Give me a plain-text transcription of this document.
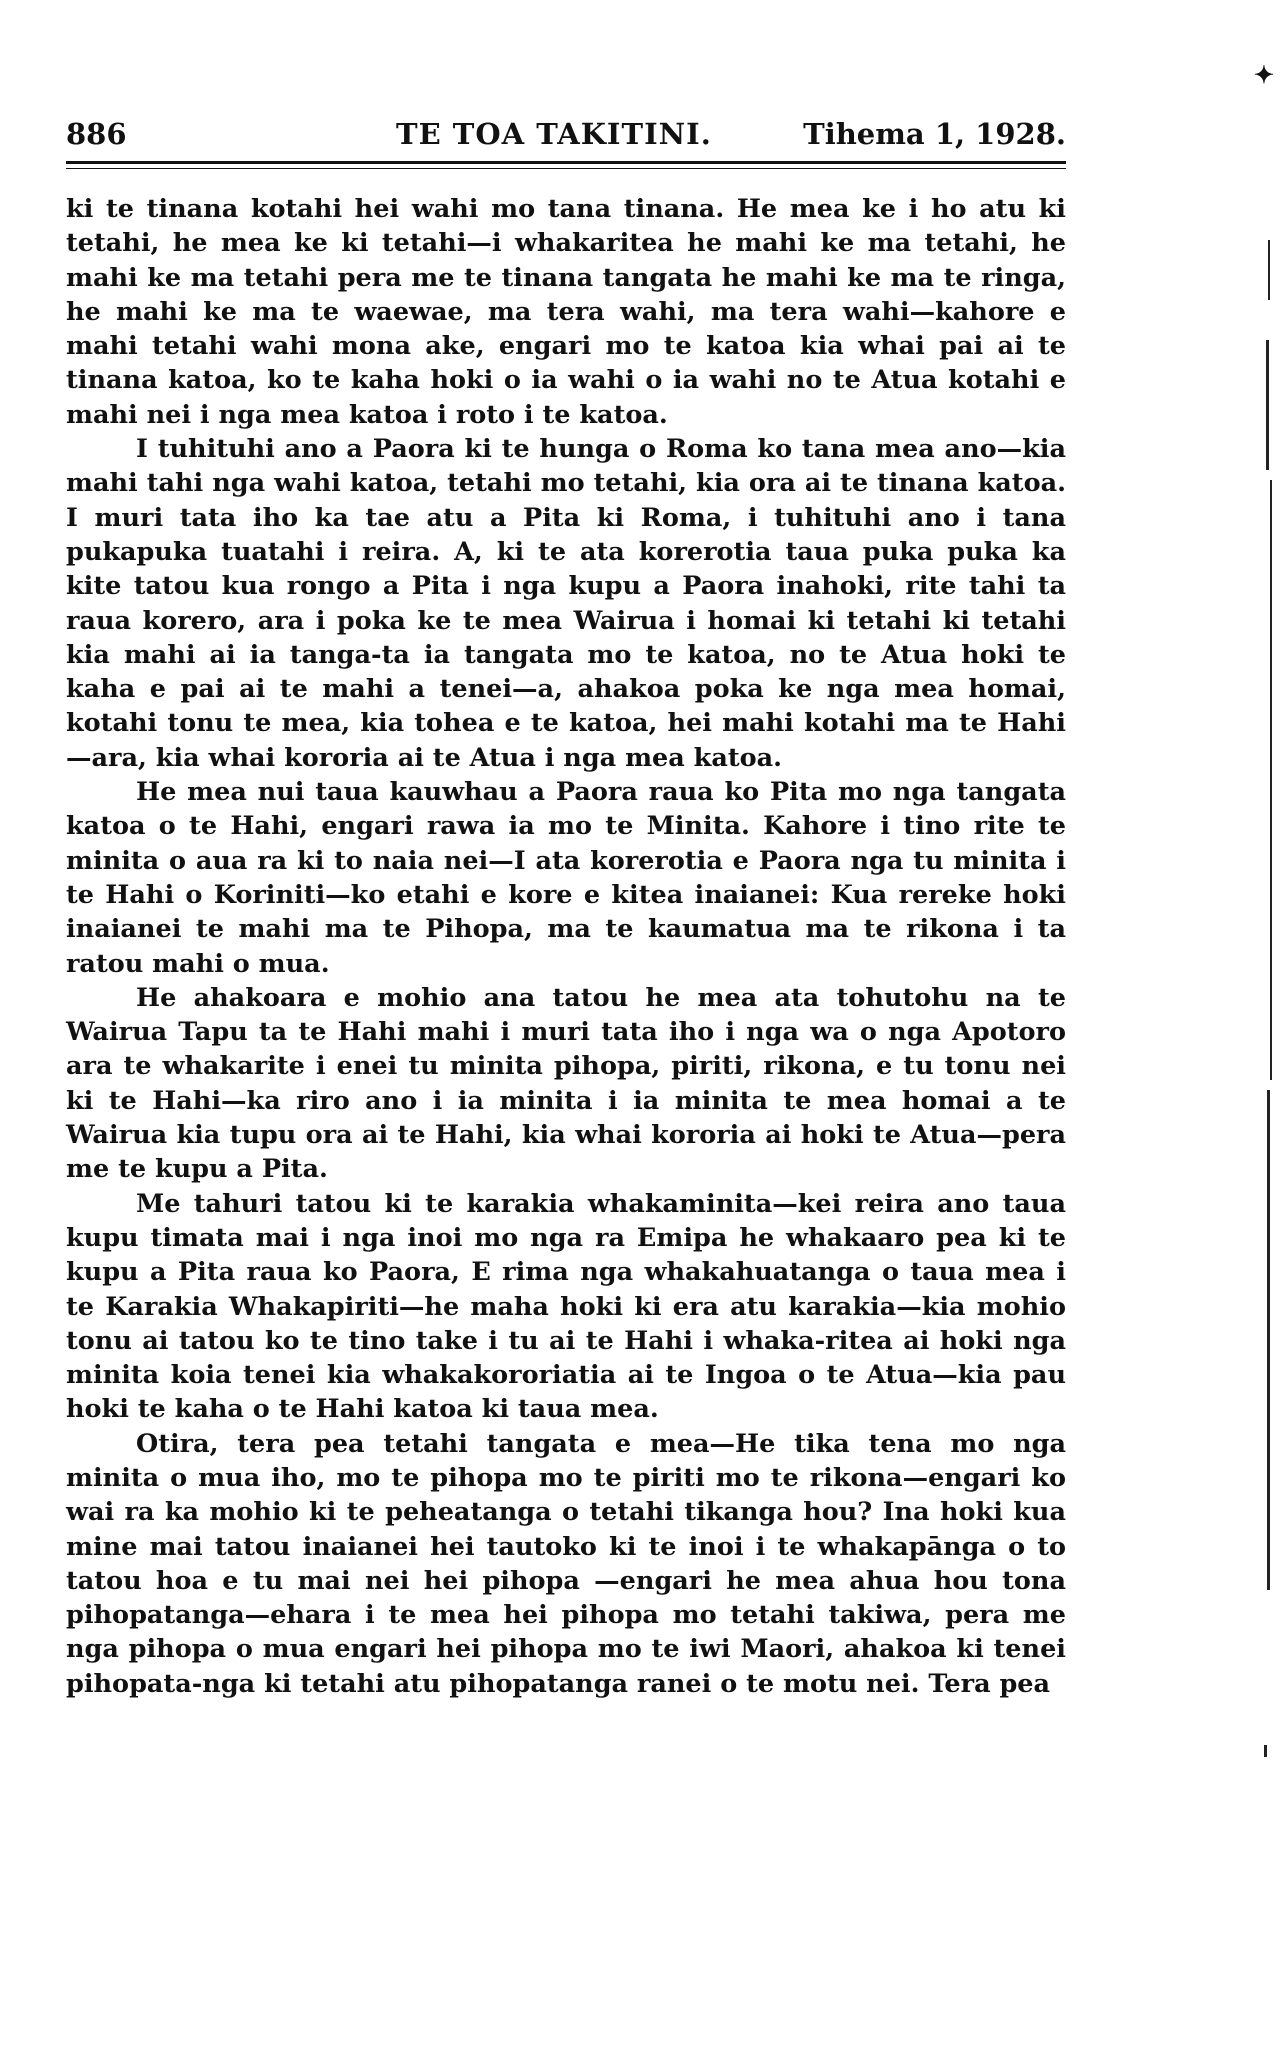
✦
886	TE TOA TAKITINI.	Tihema 1, 1928.

ki te tinana kotahi hei wahi mo tana tinana. He mea ke i ho atu ki tetahi, he mea ke ki tetahi—i whakaritea he mahi ke ma tetahi, he mahi ke ma tetahi pera me te tinana tangata he mahi ke ma te ringa, he mahi ke ma te waewae, ma tera wahi, ma tera wahi—kahore e mahi tetahi wahi mona ake, engari mo te katoa kia whai pai ai te tinana katoa, ko te kaha hoki o ia wahi o ia wahi no te Atua kotahi e mahi nei i nga mea katoa i roto i te katoa.

I tuhituhi ano a Paora ki te hunga o Roma ko tana mea ano—kia mahi tahi nga wahi katoa, tetahi mo tetahi, kia ora ai te tinana katoa. I muri tata iho ka tae atu a Pita ki Roma, i tuhituhi ano i tana pukapuka tuatahi i reira. A, ki te ata korerotia taua puka puka ka kite tatou kua rongo a Pita i nga kupu a Paora inahoki, rite tahi ta raua korero, ara i poka ke te mea Wairua i homai ki tetahi ki tetahi kia mahi ai ia tanga-ta ia tangata mo te katoa, no te Atua hoki te kaha e pai ai te mahi a tenei—a, ahakoa poka ke nga mea homai, kotahi tonu te mea, kia tohea e te katoa, hei mahi kotahi ma te Hahi—ara, kia whai kororia ai te Atua i nga mea katoa.

He mea nui taua kauwhau a Paora raua ko Pita mo nga tangata katoa o te Hahi, engari rawa ia mo te Minita. Kahore i tino rite te minita o aua ra ki to naia nei—I ata korerotia e Paora nga tu minita i te Hahi o Koriniti—ko etahi e kore e kitea inaianei: Kua rereke hoki inaianei te mahi ma te Pihopa, ma te kaumatua ma te rikona i ta ratou mahi o mua.

He ahakoara e mohio ana tatou he mea ata tohutohu na te Wairua Tapu ta te Hahi mahi i muri tata iho i nga wa o nga Apotoro ara te whakarite i enei tu minita pihopa, piriti, rikona, e tu tonu nei ki te Hahi—ka riro ano i ia minita i ia minita te mea homai a te Wairua kia tupu ora ai te Hahi, kia whai kororia ai hoki te Atua—pera me te kupu a Pita.

Me tahuri tatou ki te karakia whakaminita—kei reira ano taua kupu timata mai i nga inoi mo nga ra Emipa he whakaaro pea ki te kupu a Pita raua ko Paora, E rima nga whakahuatanga o taua mea i te Karakia Whakapiriti—he maha hoki ki era atu karakia—kia mohio tonu ai tatou ko te tino take i tu ai te Hahi i whaka-ritea ai hoki nga minita koia tenei kia whakakororiatia ai te Ingoa o te Atua—kia pau hoki te kaha o te Hahi katoa ki taua mea.

Otira, tera pea tetahi tangata e mea—He tika tena mo nga minita o mua iho, mo te pihopa mo te piriti mo te rikona—engari ko wai ra ka mohio ki te peheatanga o tetahi tikanga hou? Ina hoki kua mine mai tatou inaianei hei tautoko ki te inoi i te whakapānga o to tatou hoa e tu mai nei hei pihopa —engari he mea ahua hou tona pihopatanga—ehara i te mea hei pihopa mo tetahi takiwa, pera me nga pihopa o mua engari hei pihopa mo te iwi Maori, ahakoa ki tenei pihopata-nga ki tetahi atu pihopatanga ranei o te motu nei. Tera pea
